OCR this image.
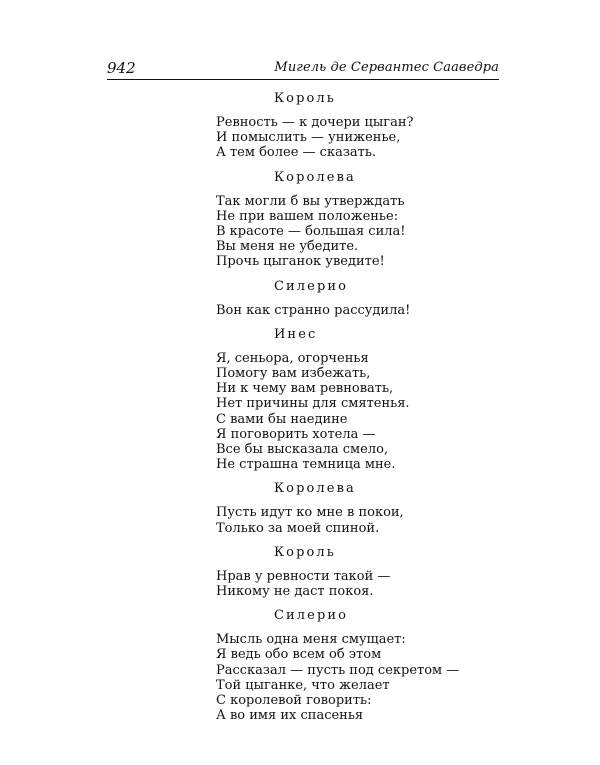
942	Мигель де Сервантес Сааведра
Король
Ревность — к дочери цыган?
И помыслить — униженье,
А тем более — сказать.
Королева
Так могли б вы утверждать
Не при вашем положенье:
В красоте — большая сила!
Вы меня не убедите.
Прочь цыганок уведите!
Силерио
Вон как странно рассудила!
Инес
Я, сеньора, огорченья
Помогу вам избежать,
Ни к чему вам ревновать,
Нет причины для смятенья.
С вами бы наедине
Я поговорить хотела —
Все бы высказала смело,
Не страшна темница мне.
Королева
Пусть идут ко мне в покои,
Только за моей спиной.
Король
Нрав у ревности такой —
Никому не даст покоя.
Силерио
Мысль одна меня смущает:
Я ведь обо всем об этом
Рассказал — пусть под секретом —
Той цыганке, что желает
С королевой говорить:
А во имя их спасенья
